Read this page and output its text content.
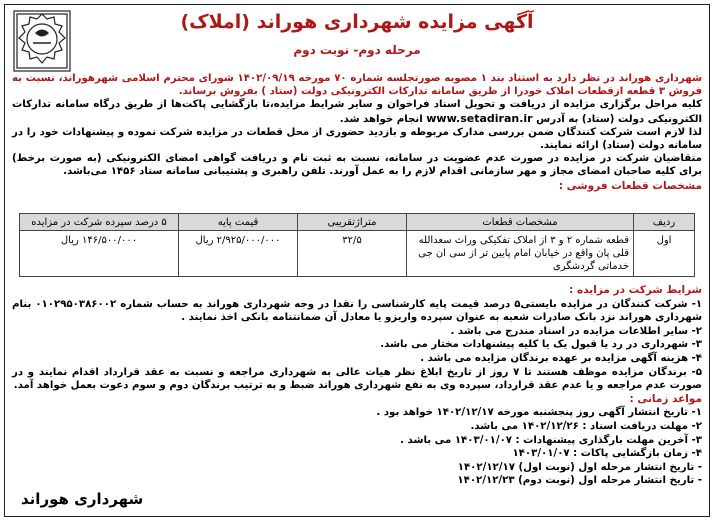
آگهی مزایده شهرداری هوراند (املاک)
مرحله دوم- نوبت دوم

شهرداری هوراند در نظر دارد به استناد بند ۱ مصوبه صورتجلسه شماره ۷۰ مورخه ۱۴۰۲/۰۹/۱۹ شورای محترم اسلامی شهرهوراند، نسبت به فروش ۳ قطعه ازقطعات املاک خودرا از طریق سامانه تدارکات الکترونیکی دولت (ستاد ) بفروش برساند.

کلیه مراحل برگزاری مزایده از دریافت و تحویل اسناد فراخوان و سایر شرایط مزایده،تا بازگشایی پاکت‌ها از طریق درگاه سامانه تدارکات الکترونیکی دولت (ستاد) به آدرس www.setadiran.ir انجام خواهد شد.

لذا لازم است شرکت کنندگان ضمن بررسی مدارک مربوطه و بازدید حضوری از محل قطعات در مزایده شرکت نموده و پیشنهادات خود را در سامانه دولت (ستاد) ارائه نمایند.

متقاضیان شرکت در مزایده در صورت عدم عضویت در سامانه، نسبت به ثبت نام و دریافت گواهی امضای الکترونیکی (به صورت برخط) برای کلیه صاحبان امضای مجاز و مهر سازمانی اقدام لازم را به عمل آورند. تلفن راهبری و پشتیبانی سامانه ستاد ۱۴۵۶ می‌باشد.

مشخصات قطعات فروشی :
ردیف	مشخصات قطعات	متراژتقریبی	قیمت پایه	۵ درصد سپرده شرکت در مزایده
اول	قطعه شماره ۲ و ۳ از املاک تفکیکی وراث سعدالله قلی پان واقع در خیابان امام پایین تر از سی ان جی خدماتی گردشگری	۳۲/۵	۲/۹۲۵/۰۰۰/۰۰۰ ریال	۱۴۶/۵۰۰/۰۰۰ ریال
شرایط شرکت در مزایده :

۱- شرکت کنندگان در مزایده بایستی۵ درصد قیمت پایه کارشناسی را نقدا در وجه شهرداری هوراند به حساب شماره ۰۱۰۲۹۵۰۳۸۶۰۰۲ بنام شهرداری هوراند نزد بانک صادرات شعبه به عنوان سپرده واریزو یا معادل آن ضمانتنامه بانکی اخذ نمایند .

۲- سایر اطلاعات مزایده در اسناد مندرج می باشد .

۳- شهرداری در رد یا قبول یک یا کلیه پیشنهادات مختار می باشد.

۴- هزینه آگهی مزایده بر عهده برندگان مزایده می باشد .

۵- برندگان مزایده موظف هستند تا ۷ روز از تاریخ ابلاغ نظر هیات عالی به شهرداری مراجعه و نسبت به عقد قرارداد اقدام نمایند و در صورت عدم مراجعه و یا عدم عقد قرارداد، سپرده وی به نفع شهرداری هوراند ضبط و به ترتیب برندگان دوم و سوم دعوت بعمل خواهد آمد.

مواعد زمانی :

۱- تاریخ انتشار آگهی روز پنجشنبه مورخه ۱۴۰۲/۱۲/۱۷ خواهد بود .

۲- مهلت دریافت اسناد : ۱۴۰۲/۱۲/۲۶ می باشد.

۳- آخرین مهلت بارگذاری پیشنهادات : ۱۴۰۳/۰۱/۰۷ می باشد .

۴- زمان بازگشایی پاکات : ۱۴۰۳/۰۱/۰۷

- تاریخ انتشار مرحله اول (نوبت اول) ۱۴۰۲/۱۲/۱۷

- تاریخ انتشار مرحله اول (نوبت دوم) ۱۴۰۲/۱۲/۲۳

شهرداری هوراند
